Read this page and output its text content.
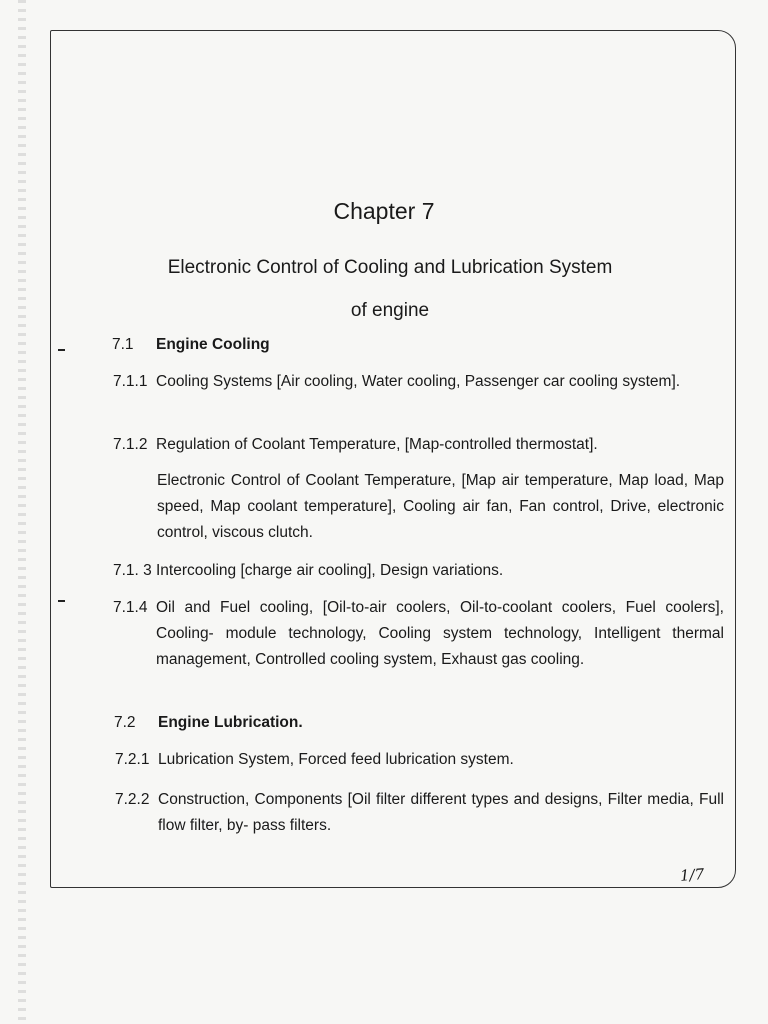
Chapter 7
Electronic Control of Cooling and Lubrication System
of engine
7.1 Engine Cooling
7.1.1 Cooling Systems [Air cooling, Water cooling, Passenger car cooling system].
7.1.2 Regulation of Coolant Temperature, [Map-controlled thermostat].
Electronic Control of Coolant Temperature, [Map air temperature, Map load, Map speed, Map coolant temperature], Cooling air fan, Fan control, Drive, electronic control, viscous clutch.
7.1. 3 Intercooling [charge air cooling], Design variations.
7.1.4 Oil and Fuel cooling, [Oil-to-air coolers, Oil-to-coolant coolers, Fuel coolers], Cooling- module technology, Cooling system technology, Intelligent thermal management, Controlled cooling system, Exhaust gas cooling.
7.2 Engine Lubrication.
7.2.1 Lubrication System, Forced feed lubrication system.
7.2.2 Construction, Components [Oil filter different types and designs, Filter media, Full flow filter, by- pass filters.
1/7
